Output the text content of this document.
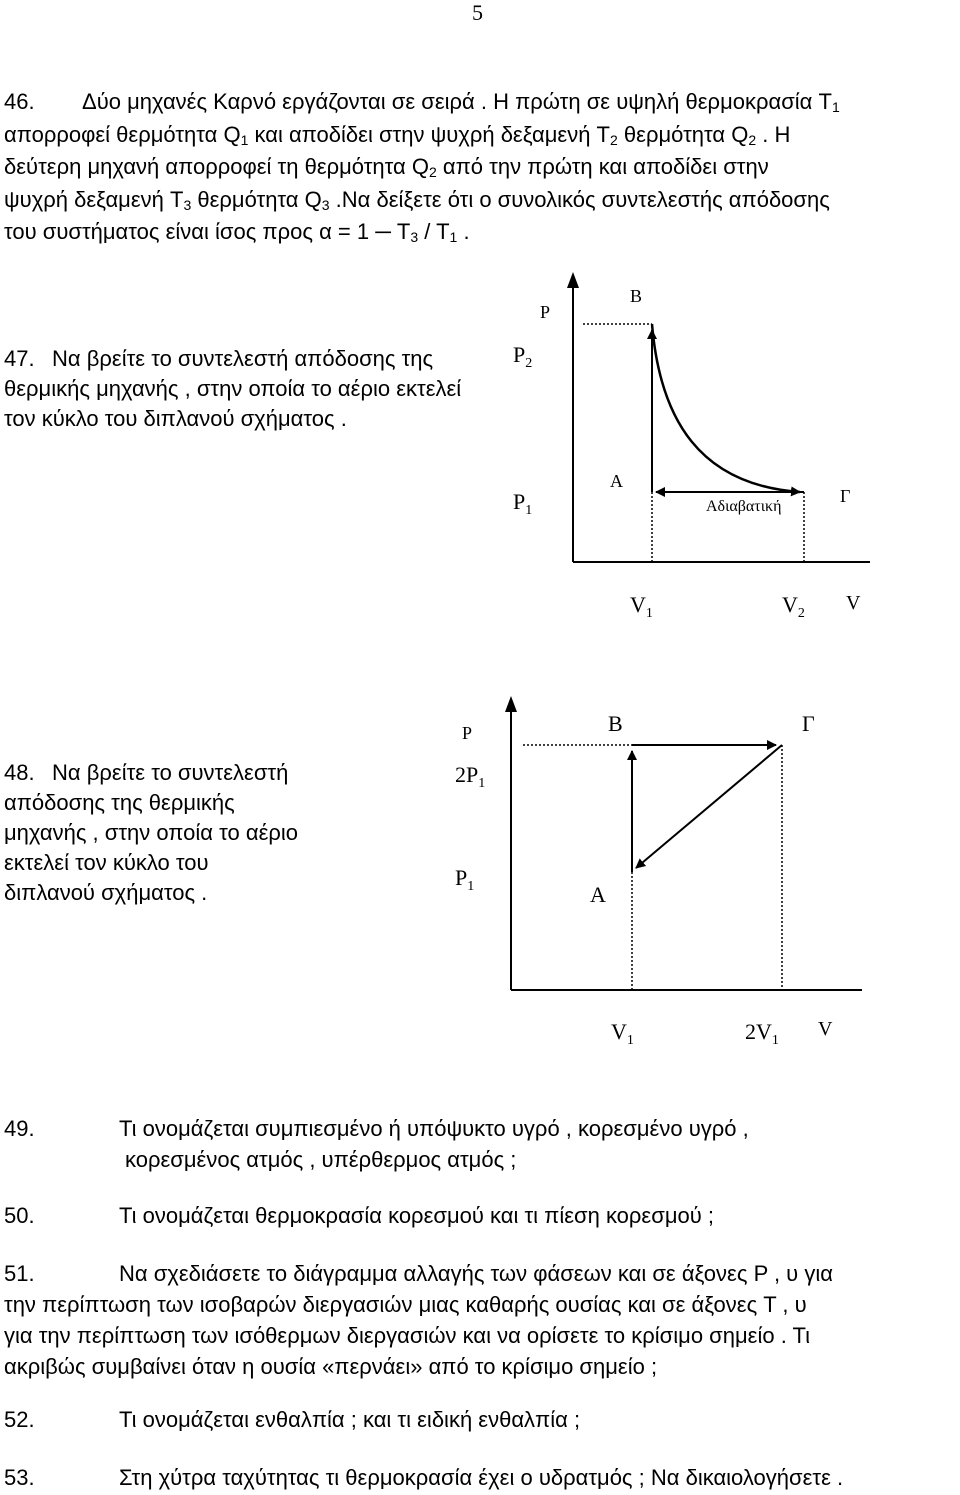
5
46. Δύο μηχανές Καρνό εργάζονται σε σειρά . Η πρώτη σε υψηλή θερμοκρασία $T_1$
απορροφεί θερμότητα $Q_1$ και αποδίδει στην ψυχρή δεξαμενή $T_2$ θερμότητα $Q_2$ . Η
δεύτερη μηχανή απορροφεί τη θερμότητα $Q_2$ από την πρώτη και αποδίδει στην
ψυχρή δεξαμενή $T_3$ θερμότητα $Q_3$ .Να δείξετε ότι ο συνολικός συντελεστής απόδοσης
του συστήματος είναι ίσος προς α = 1 ─ $T_3 / T_1$ .
47. Να βρείτε το συντελεστή απόδοσης της θερμικής μηχανής , στην οποία το αέριο εκτελεί τον κύκλο του διπλανού σχήματος .
P
B
$P_2$
$P_1$
A
Αδιαβατική
Γ
$V_1$	$V_2$ V
48. Να βρείτε το συντελεστή απόδοσης της θερμικής μηχανής , στην οποία το αέριο εκτελεί τον κύκλο του διπλανού σχήματος .
P	B	Γ
$2P_1$
$P_1$	A
$V_1$	$2V_1$
V
49.	Τι ονομάζεται συμπιεσμένο ή υπόψυκτο υγρό , κορεσμένο υγρό ,
κορεσμένος ατμός , υπέρθερμος ατμός ;
50.	Τι ονομάζεται θερμοκρασία κορεσμού και τι πίεση κορεσμού ;
51.	Να σχεδιάσετε το διάγραμμα αλλαγής των φάσεων και σε άξονες P , υ για
την περίπτωση των ισοβαρών διεργασιών μιας καθαρής ουσίας και σε άξονες T , υ
για την περίπτωση των ισόθερμων διεργασιών και να ορίσετε το κρίσιμο σημείο . Τι
ακριβώς συμβαίνει όταν η ουσία «περνάει» από το κρίσιμο σημείο ;
52.	Τι ονομάζεται ενθαλπία ; και τι ειδική ενθαλπία ;
53.	Στη χύτρα ταχύτητας τι θερμοκρασία έχει ο υδρατμός ; Να δικαιολογήσετε .
